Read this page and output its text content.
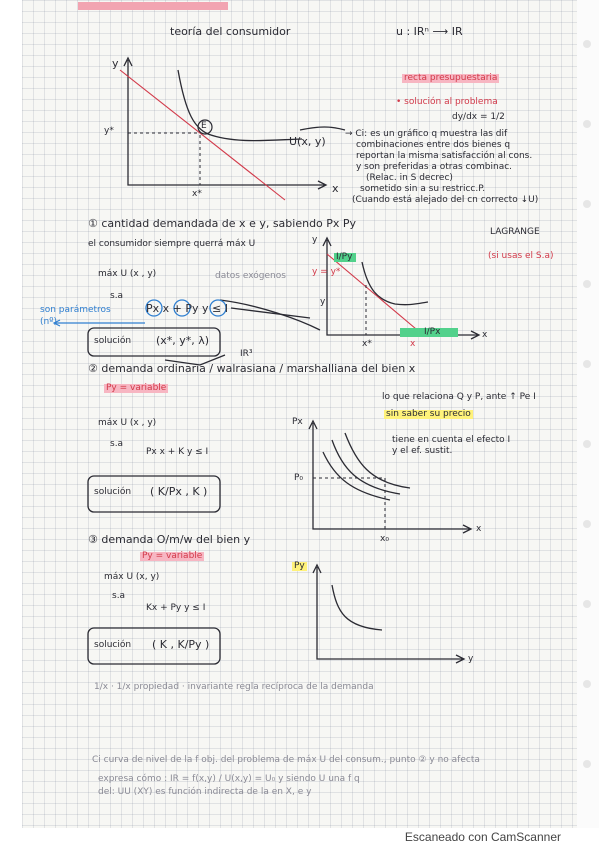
teoría del consumidor	u : IRⁿ ⟶ IR
y
x
y*
x*
E
U(x, y)
→ Ci: es un gráfico q muestra las dif
combinaciones entre dos bienes q
reportan la misma satisfacción al cons.
y son preferidas a otras combinac.
(Relac. in S decrec)
sometido sin a su restricc.P.
(Cuando está alejado del cn correcto ↓U)
recta presupuestaria
• solución al problema
dy/dx = 1/2
① cantidad demandada de x e y, sabiendo Px Py
el consumidor siempre querrá máx U
máx U (x , y)	datos exógenos
s.a
Px x + Py y ≤ I
son parámetros
(nº)
solución (x*, y*, λ)
IR³
LAGRANGE
(si usas el S.a)
y
I/Py
y = y*
y
x
I/Px
x*	x
② demanda ordinaria / walrasiana / marshalliana del bien x
Py = variable
lo que relaciona Q y P, ante ↑ Pe I
sin saber su precio
tiene en cuenta el efecto I
y el ef. sustit.
máx U (x , y)
s.a
Px x + K y ≤ I
solución ( K/Px , K )
Px
P₀
x
x₀
③ demanda O/m/w del bien y
Py = variable
máx U (x, y)
s.a
Kx + Py y ≤ I
solución ( K , K/Py )
Py
y
1/x · 1/x propiedad · invariante regla recíproca de la demanda
Ci curva de nivel de la f obj. del problema de máx U del consum., punto ② y no afecta
expresa cómo : IR = f(x,y) / U(x,y) = U₀ y siendo U una f q
del: UU (XY) es función indirecta de la en X, e y
Escaneado con CamScanner
